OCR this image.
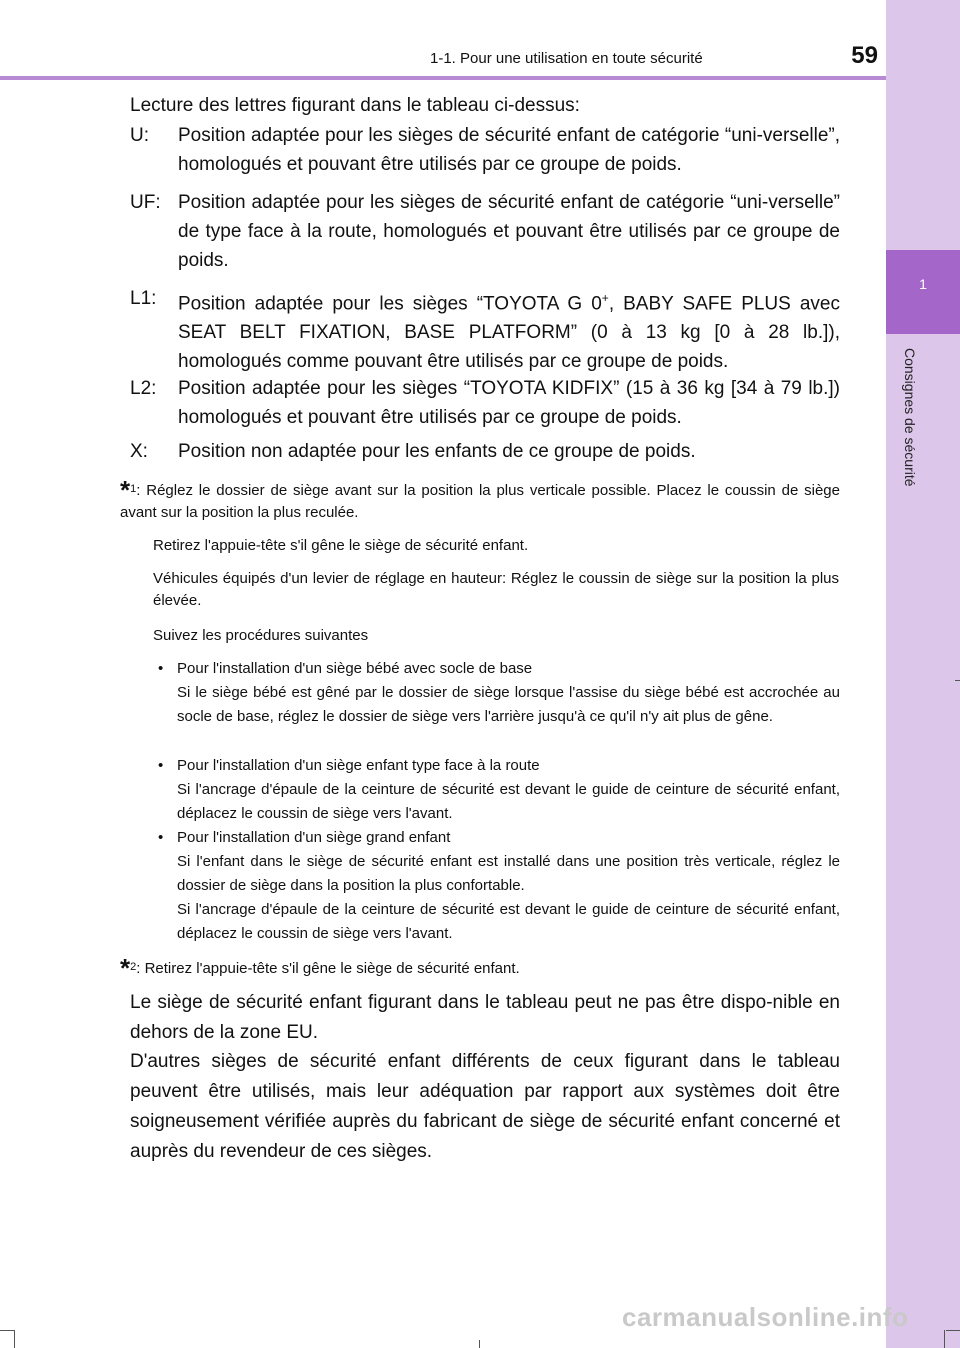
1
Consignes de sécurité
1-1. Pour une utilisation en toute sécurité	59
Lecture des lettres figurant dans le tableau ci-dessus:
U:	Position adaptée pour les sièges de sécurité enfant de catégorie “uni-verselle”, homologués et pouvant être utilisés par ce groupe de poids.
UF: Position adaptée pour les sièges de sécurité enfant de catégorie “uni-verselle” de type face à la route, homologués et pouvant être utilisés par ce groupe de poids.
L1:	Position adaptée pour les sièges “TOYOTA G 0+, BABY SAFE PLUS avec SEAT BELT FIXATION, BASE PLATFORM” (0 à 13 kg [0 à 28 lb.]), homologués comme pouvant être utilisés par ce groupe de poids.
L2:	Position adaptée pour les sièges “TOYOTA KIDFIX” (15 à 36 kg [34 à 79 lb.]) homologués et pouvant être utilisés par ce groupe de poids.
X:	Position non adaptée pour les enfants de ce groupe de poids.
*$^1$: Réglez le dossier de siège avant sur la position la plus verticale possible. Placez le coussin de siège avant sur la position la plus reculée.
Retirez l'appuie-tête s'il gêne le siège de sécurité enfant.
Véhicules équipés d'un levier de réglage en hauteur: Réglez le coussin de siège sur la position la plus élevée.
Suivez les procédures suivantes
• Pour l'installation d'un siège bébé avec socle de base
Si le siège bébé est gêné par le dossier de siège lorsque l'assise du siège bébé est accrochée au socle de base, réglez le dossier de siège vers l'arrière jusqu'à ce qu'il n'y ait plus de gêne.
• Pour l'installation d'un siège enfant type face à la route
Si l'ancrage d'épaule de la ceinture de sécurité est devant le guide de ceinture de sécurité enfant, déplacez le coussin de siège vers l'avant.
• Pour l'installation d'un siège grand enfant
Si l'enfant dans le siège de sécurité enfant est installé dans une position très verticale, réglez le dossier de siège dans la position la plus confortable.
Si l'ancrage d'épaule de la ceinture de sécurité est devant le guide de ceinture de sécurité enfant, déplacez le coussin de siège vers l'avant.
*$^2$: Retirez l'appuie-tête s'il gêne le siège de sécurité enfant.
Le siège de sécurité enfant figurant dans le tableau peut ne pas être dispo-nible en dehors de la zone EU.
D'autres sièges de sécurité enfant différents de ceux figurant dans le tableau peuvent être utilisés, mais leur adéquation par rapport aux systèmes doit être soigneusement vérifiée auprès du fabricant de siège de sécurité enfant concerné et auprès du revendeur de ces sièges.
carmanualsonline.info
